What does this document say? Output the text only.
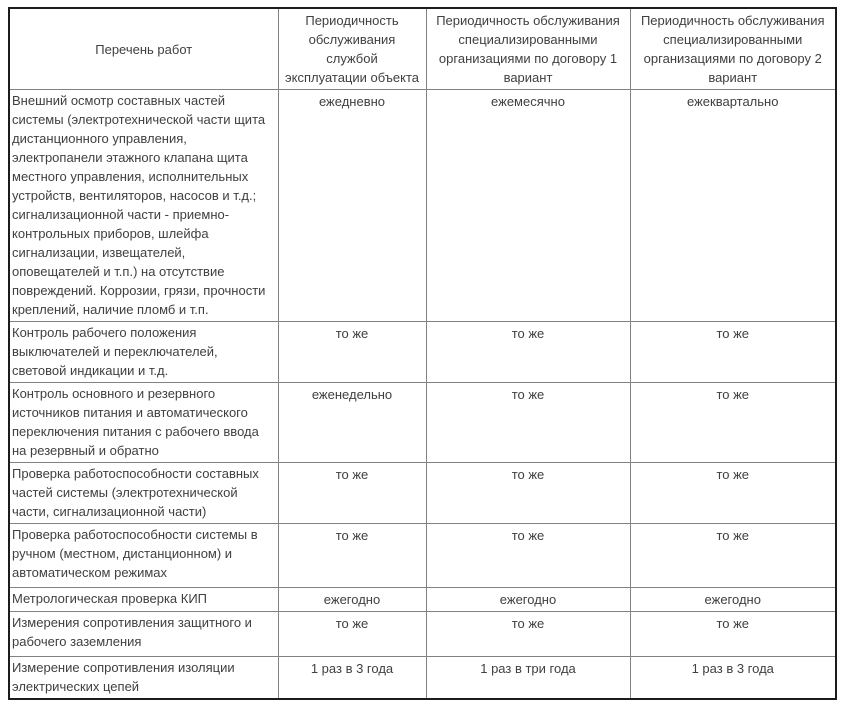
Перечень работ	Периодичность обслуживания службой эксплуатации объекта	Периодичность обслуживания специализированными организациями по договору 1 вариант	Периодичность обслуживания специализированными организациями по договору 2 вариант
Внешний осмотр составных частей системы (электротехнической части щита дистанционного управления, электропанели этажного клапана щита местного управления, исполнительных устройств, вентиляторов, насосов и т.д.; сигнализационной части - приемно-контрольных приборов, шлейфа сигнализации, извещателей, оповещателей и т.п.) на отсутствие повреждений. Коррозии, грязи, прочности креплений, наличие пломб и т.п.	ежедневно	ежемесячно	ежеквартально
Контроль рабочего положения выключателей и переключателей, световой индикации и т.д.	то же	то же	то же
Контроль основного и резервного источников питания и автоматического переключения питания с рабочего ввода на резервный и обратно	еженедельно	то же	то же
Проверка работоспособности составных частей системы (электротехнической части, сигнализационной части)	то же	то же	то же
Проверка работоспособности системы в ручном (местном, дистанционном) и автоматическом режимах	то же	то же	то же
Метрологическая проверка КИП	ежегодно	ежегодно	ежегодно
Измерения сопротивления защитного и рабочего заземления	то же	то же	то же
Измерение сопротивления изоляции электрических цепей	1 раз в 3 года	1 раз в три года	1 раз в 3 года
